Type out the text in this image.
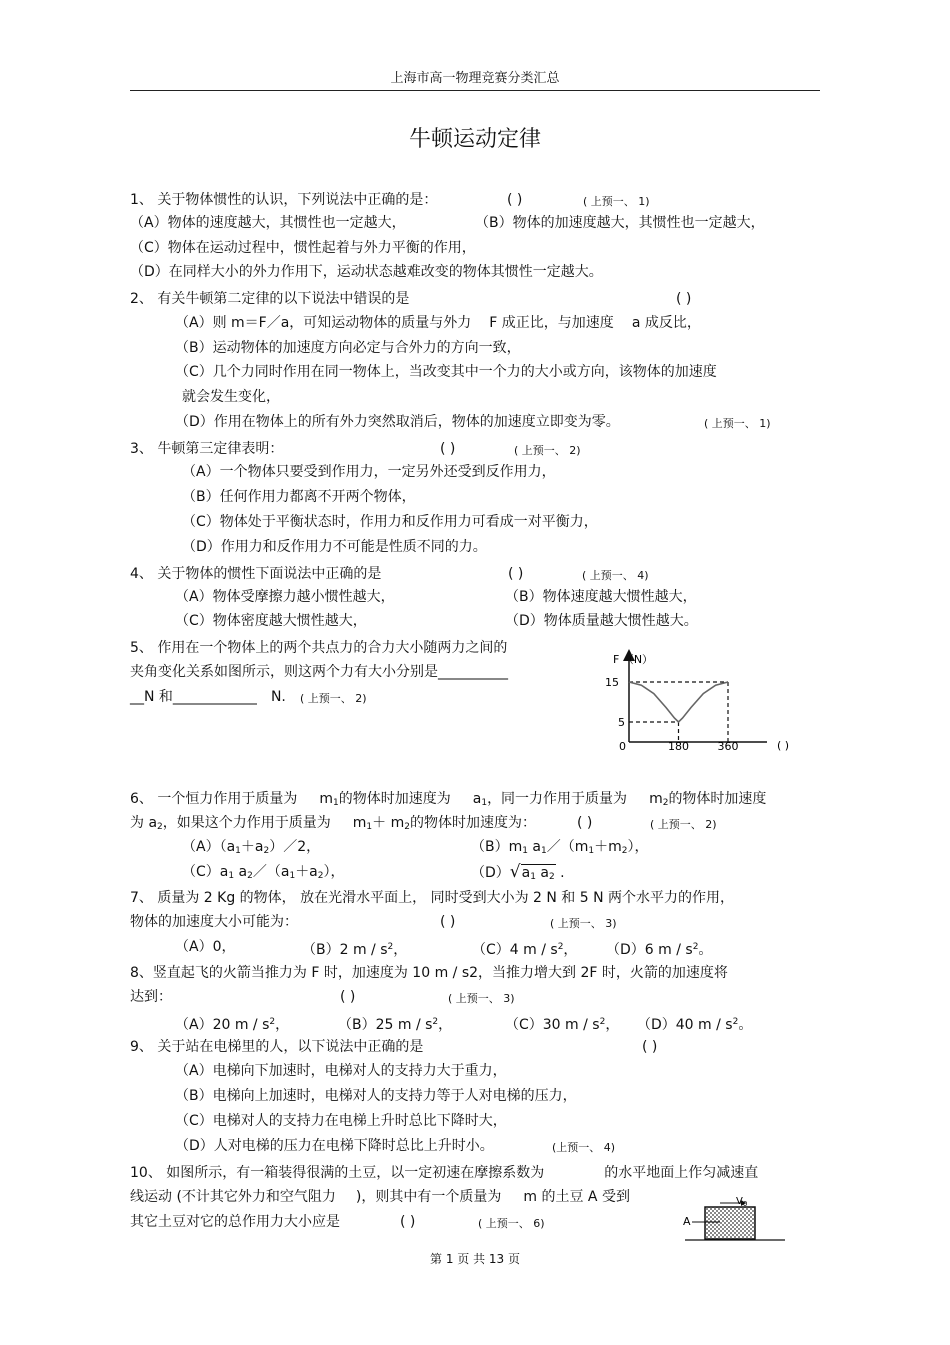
上海市高一物理竞赛分类汇总
牛顿运动定律
1、 关于物体惯性的认识，下列说法中正确的是：	( )	( 上预一、 1)
（A）物体的速度越大，其惯性也一定越大，	（B）物体的加速度越大，其惯性也一定越大，
（C）物体在运动过程中，惯性起着与外力平衡的作用，
（D）在同样大小的外力作用下，运动状态越难改变的物体其惯性一定越大。
2、 有关牛顿第二定律的以下说法中错误的是	( )
（A）则 m＝F／a，可知运动物体的质量与外力 F 成正比，与加速度 a 成反比，
（B）运动物体的加速度方向必定与合外力的方向一致，
（C）几个力同时作用在同一物体上，当改变其中一个力的大小或方向，该物体的加速度
就会发生变化，
（D）作用在物体上的所有外力突然取消后，物体的加速度立即变为零。	( 上预一、 1)
3、 牛顿第三定律表明：	( )	( 上预一、 2)
（A）一个物体只要受到作用力，一定另外还受到反作用力，
（B）任何作用力都离不开两个物体，
（C）物体处于平衡状态时，作用力和反作用力可看成一对平衡力，
（D）作用力和反作用力不可能是性质不同的力。
4、 关于物体的惯性下面说法中正确的是	( )	( 上预一、 4)
（A）物体受摩擦力越小惯性越大，	（B）物体速度越大惯性越大，
（C）物体密度越大惯性越大，	（D）物体质量越大惯性越大。
5、 作用在一个物体上的两个共点力的合力大小随两力之间的
夹角变化关系如图所示，则这两个力有大小分别是__________
__N 和____________ N. ( 上预一、 2)
F （N）
15
5
0	180	360	( )
6、 一个恒力作用于质量为 $m_1$的物体时加速度为 $a_1$，同一力作用于质量为 $m_2$的物体时加速度
为 $a_2$，如果这个力作用于质量为 $m_1+ m_2$的物体时加速度为：	( )	( 上预一、 2)
$(A)(a_1+a_2)/2$，	$(B)m_1$ $a_1/(m_1+m_2)$，
$(C)a_1$ $a_2/(a_1+a_2)$，	$(D)√a_1$ $a_2$ .
7、 质量为 2 Kg 的物体， 放在光滑水平面上， 同时受到大小为 2 N 和 5 N 两个水平力的作用，
物体的加速度大小可能为：	( )	( 上预一、 3)
（A）0，	（B）2 m / $s^2$，	（C）4 m / $s^2$， （D）6 m / $s^2$。
8、竖直起飞的火箭当推力为 F 时，加速度为 10 m / s2，当推力增大到 2F 时，火箭的加速度将
达到：	( )	( 上预一、 3)
（A）20 m / $s^2$，	（B）25 m / $s^2$，	（C）30 m / $s^2$， （D）40 m / $s^2$。
9、 关于站在电梯里的人，以下说法中正确的是	( )
（A）电梯向下加速时，电梯对人的支持力大于重力，
（B）电梯向上加速时，电梯对人的支持力等于人对电梯的压力，
（C）电梯对人的支持力在电梯上升时总比下降时大，
（D）人对电梯的压力在电梯下降时总比上升时小。	(上预一、 4)
10、 如图所示，有一箱装得很满的土豆，以一定初速在摩擦系数为	的水平地面上作匀减速直
线运动 (不计其它外力和空气阻力 )，则其中有一个质量为 m 的土豆 A 受到
其它土豆对它的总作用力大小应是	( )	( 上预一、 6)
$V_0$
A
第 1 页 共 13 页
